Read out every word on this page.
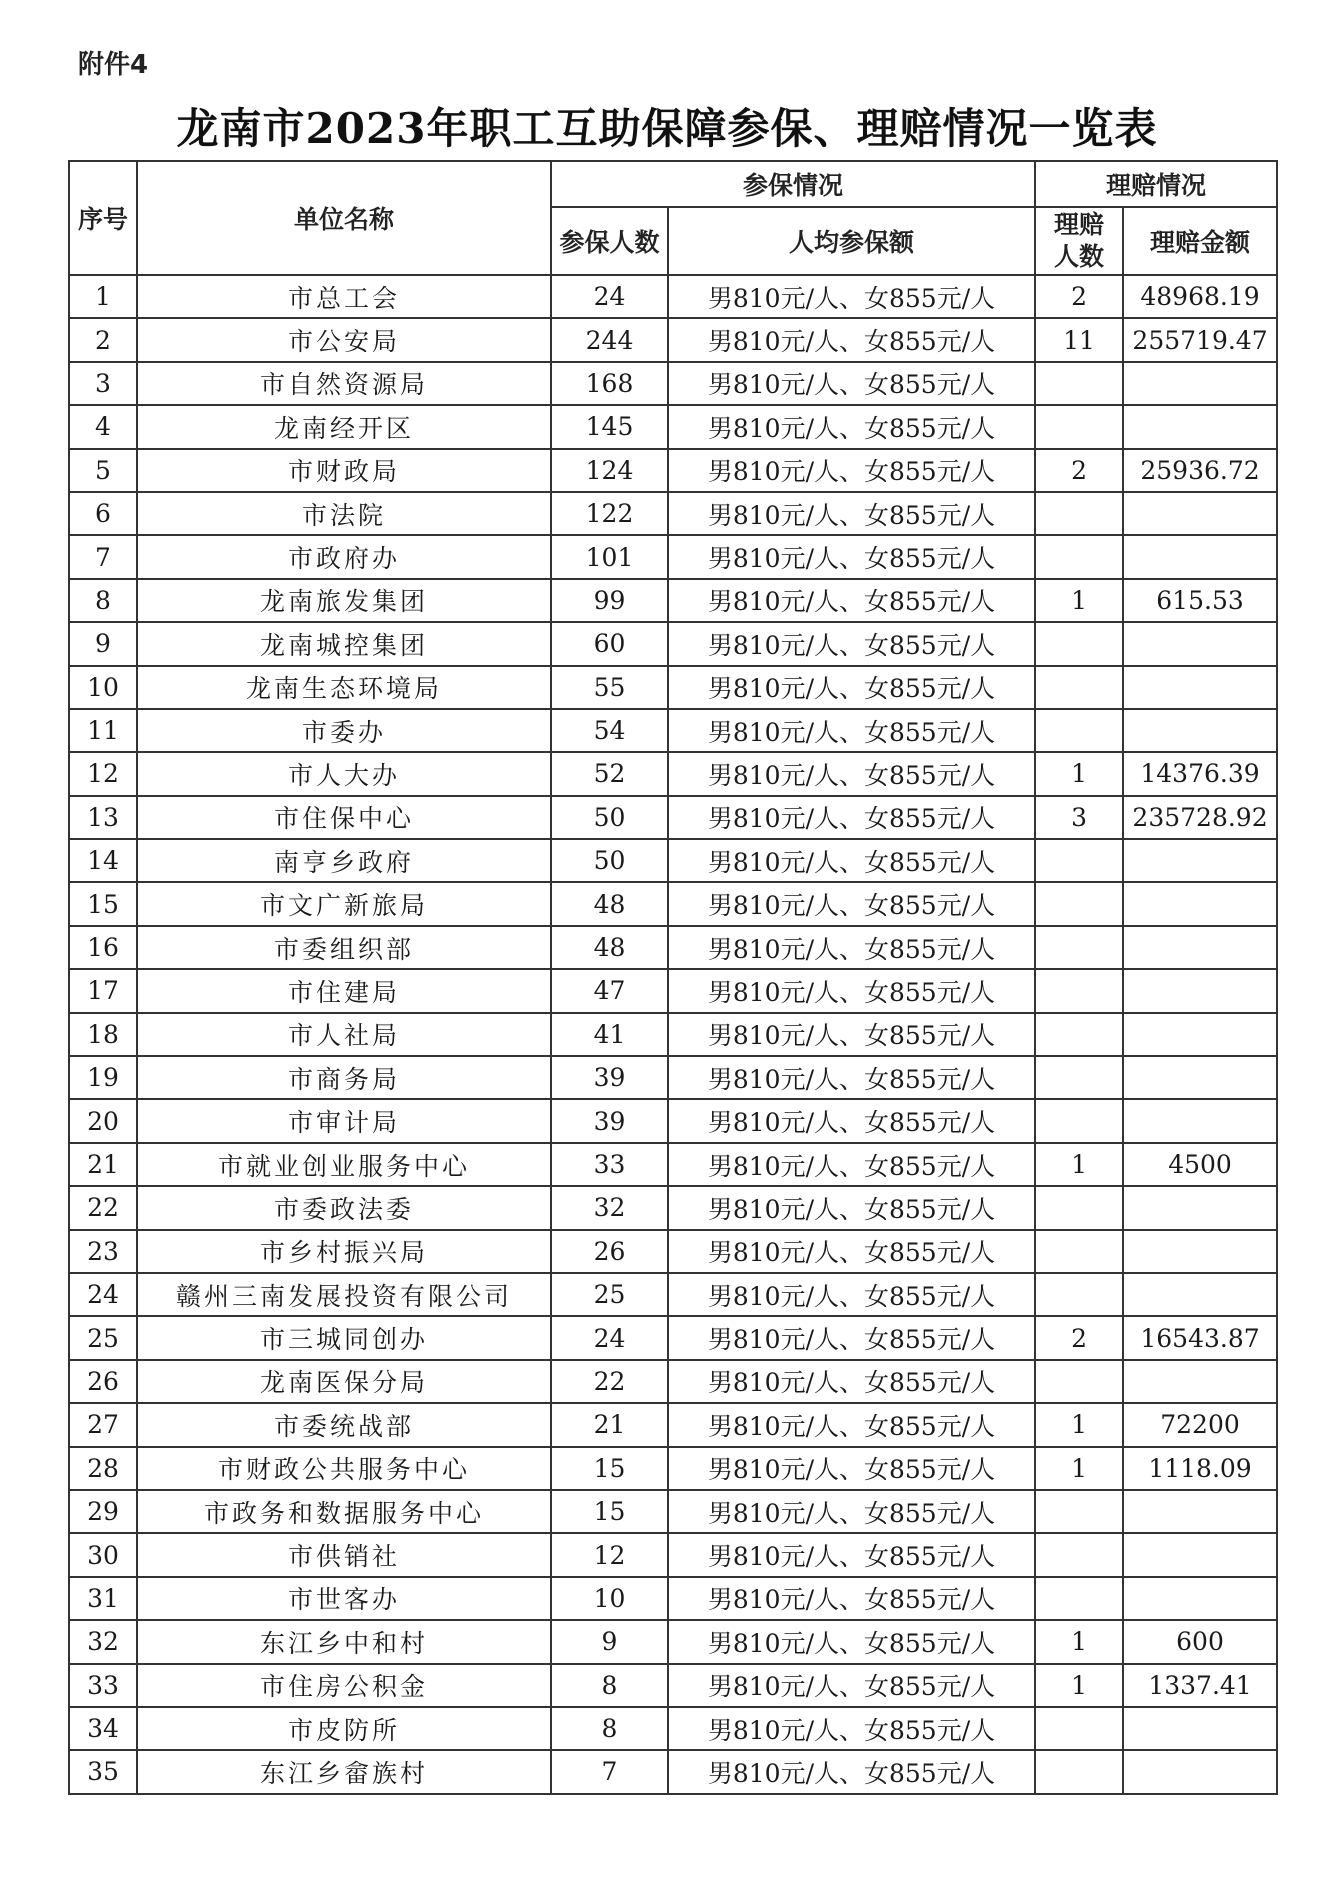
附件4
龙南市2023年职工互助保障参保、理赔情况一览表
序号	单位名称	参保情况		理赔情况	
		参保人数	人均参保额	理赔
人数	理赔金额
1	市总工会	24	男810元/人、女855元/人	2	48968.19
2	市公安局	244	男810元/人、女855元/人	11	255719.47
3	市自然资源局	168	男810元/人、女855元/人		
4	龙南经开区	145	男810元/人、女855元/人		
5	市财政局	124	男810元/人、女855元/人	2	25936.72
6	市法院	122	男810元/人、女855元/人		
7	市政府办	101	男810元/人、女855元/人		
8	龙南旅发集团	99	男810元/人、女855元/人	1	615.53
9	龙南城控集团	60	男810元/人、女855元/人		
10	龙南生态环境局	55	男810元/人、女855元/人		
11	市委办	54	男810元/人、女855元/人		
12	市人大办	52	男810元/人、女855元/人	1	14376.39
13	市住保中心	50	男810元/人、女855元/人	3	235728.92
14	南亨乡政府	50	男810元/人、女855元/人		
15	市文广新旅局	48	男810元/人、女855元/人		
16	市委组织部	48	男810元/人、女855元/人		
17	市住建局	47	男810元/人、女855元/人		
18	市人社局	41	男810元/人、女855元/人		
19	市商务局	39	男810元/人、女855元/人		
20	市审计局	39	男810元/人、女855元/人		
21	市就业创业服务中心	33	男810元/人、女855元/人	1	4500
22	市委政法委	32	男810元/人、女855元/人		
23	市乡村振兴局	26	男810元/人、女855元/人		
24	赣州三南发展投资有限公司	25	男810元/人、女855元/人		
25	市三城同创办	24	男810元/人、女855元/人	2	16543.87
26	龙南医保分局	22	男810元/人、女855元/人		
27	市委统战部	21	男810元/人、女855元/人	1	72200
28	市财政公共服务中心	15	男810元/人、女855元/人	1	1118.09
29	市政务和数据服务中心	15	男810元/人、女855元/人		
30	市供销社	12	男810元/人、女855元/人		
31	市世客办	10	男810元/人、女855元/人		
32	东江乡中和村	9	男810元/人、女855元/人	1	600
33	市住房公积金	8	男810元/人、女855元/人	1	1337.41
34	市皮防所	8	男810元/人、女855元/人		
35	东江乡畲族村	7	男810元/人、女855元/人		
